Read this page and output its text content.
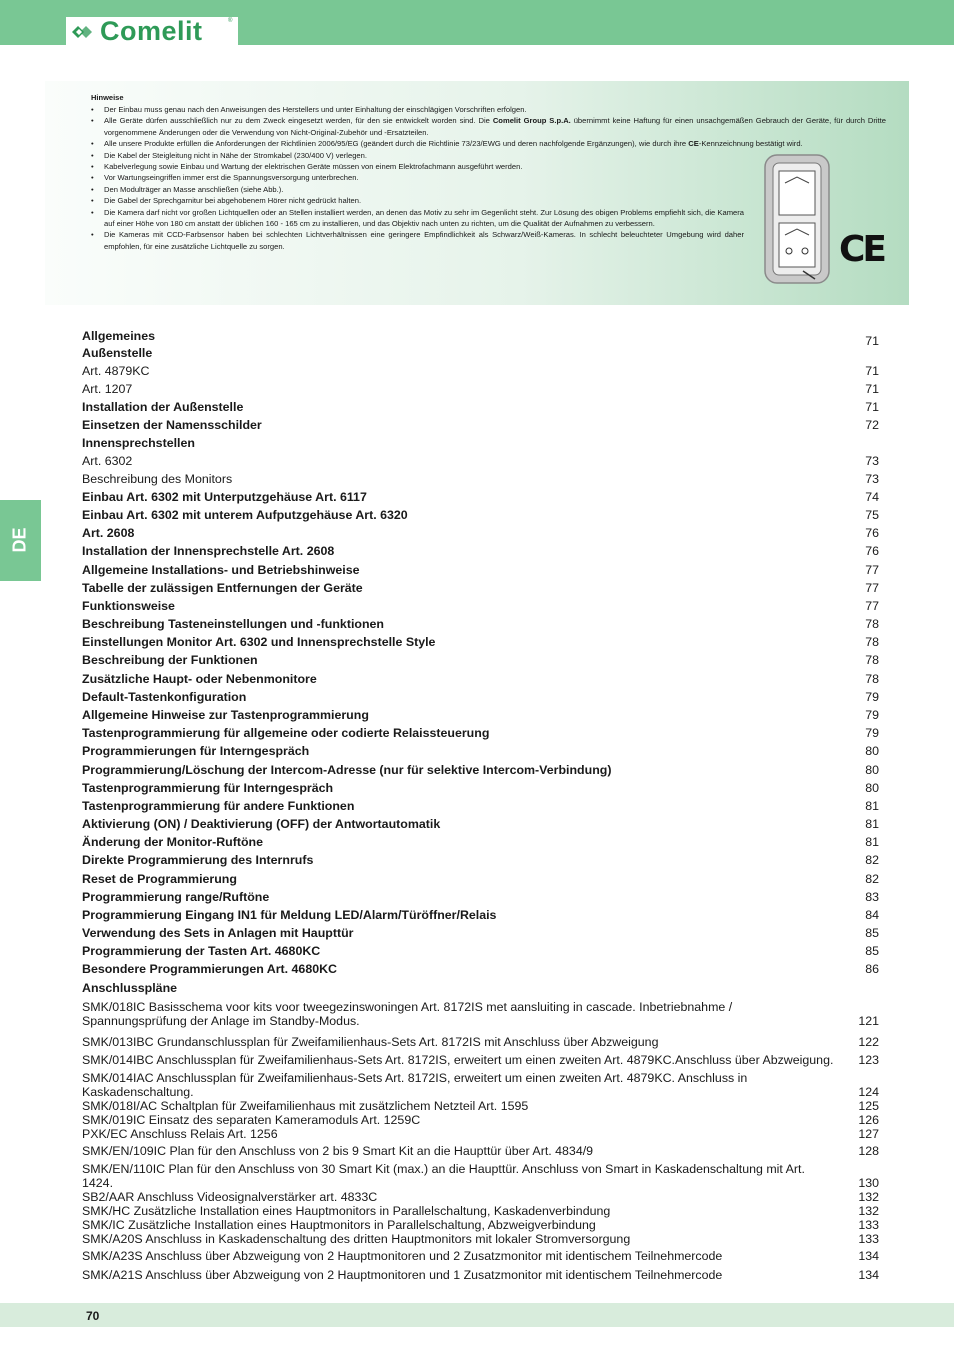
Comelit	®
Hinweise
• Der Einbau muss genau nach den Anweisungen des Herstellers und unter Einhaltung der einschlägigen Vorschriften erfolgen.
• Alle Geräte dürfen ausschließlich nur zu dem Zweck eingesetzt werden, für den sie entwickelt worden sind. Die Comelit Group S.p.A. übernimmt keine Haftung für einen unsachgemäßen Gebrauch der Geräte, für durch Dritte vorgenommene Änderungen oder die Verwendung von Nicht-Original-Zubehör und -Ersatzteilen.
• Alle unsere Produkte erfüllen die Anforderungen der Richtlinien 2006/95/EG (geändert durch die Richtlinie 73/23/EWG und deren nachfolgende Ergänzungen), wie durch ihre CE-Kennzeichnung bestätigt wird.
• Die Kabel der Steigleitung nicht in Nähe der Stromkabel (230/400 V) verlegen.
• Kabelverlegung sowie Einbau und Wartung der elektrischen Geräte müssen von einem Elektrofachmann ausgeführt werden.
• Vor Wartungseingriffen immer erst die Spannungsversorgung unterbrechen.
• Den Modulträger an Masse anschließen (siehe Abb.).
• Die Gabel der Sprechgarnitur bei abgehobenem Hörer nicht gedrückt halten.
• Die Kamera darf nicht vor großen Lichtquellen oder an Stellen installiert werden, an denen das Motiv zu sehr im Gegenlicht steht. Zur Lösung des obigen Problems empfiehlt sich, die Kamera auf einer Höhe von 180 cm anstatt der üblichen 160 - 165 cm zu installieren, und das Objektiv nach unten zu richten, um die Qualität der Aufnahmen zu verbessern.
• Die Kameras mit CCD-Farbsensor haben bei schlechten Lichtverhältnissen eine geringere Empfindlichkeit als Schwarz/Weiß-Kameras. In schlecht beleuchteter Umgebung wird daher empfohlen, für eine zusätzliche Lichtquelle zu sorgen.	CE
DE
Allgemeines	71
Außenstelle
Art. 4879KC	71
Art. 1207	71
Installation der Außenstelle	71
Einsetzen der Namensschilder	72
Innensprechstellen
Art. 6302	73
Beschreibung des Monitors	73
Einbau Art. 6302 mit Unterputzgehäuse Art. 6117	74
Einbau Art. 6302 mit unterem Aufputzgehäuse Art. 6320	75
Art. 2608	76
Installation der Innensprechstelle Art. 2608	76
Allgemeine Installations- und Betriebshinweise	77
Tabelle der zulässigen Entfernungen der Geräte	77
Funktionsweise	77
Beschreibung Tasteneinstellungen und -funktionen	78
Einstellungen Monitor Art. 6302 und Innensprechstelle Style	78
Beschreibung der Funktionen	78
Zusätzliche Haupt- oder Nebenmonitore	78
Default-Tastenkonfiguration	79
Allgemeine Hinweise zur Tastenprogrammierung	79
Tastenprogrammierung für allgemeine oder codierte Relaissteuerung	79
Programmierungen für Interngespräch	80
Programmierung/Löschung der Intercom-Adresse (nur für selektive Intercom-Verbindung)	80
Tastenprogrammierung für Interngespräch	80
Tastenprogrammierung für andere Funktionen	81
Aktivierung (ON) / Deaktivierung (OFF) der Antwortautomatik	81
Änderung der Monitor-Ruftöne	81
Direkte Programmierung des Internrufs	82
Reset de Programmierung	82
Programmierung range/Ruftöne	83
Programmierung Eingang IN1 für Meldung LED/Alarm/Türöffner/Relais	84
Verwendung des Sets in Anlagen mit Haupttür	85
Programmierung der Tasten Art. 4680KC	85
Besondere Programmierungen Art. 4680KC	86
Anschlusspläne
SMK/018IC Basisschema voor kits voor tweegezinswoningen Art. 8172IS met aansluiting in cascade. Inbetriebnahme / Spannungsprüfung der Anlage im Standby-Modus.	121
SMK/013IBC Grundanschlussplan für Zweifamilienhaus-Sets Art. 8172IS mit Anschluss über Abzweigung	122
SMK/014IBC Anschlussplan für Zweifamilienhaus-Sets Art. 8172IS, erweitert um einen zweiten Art. 4879KC.Anschluss über Abzweigung.	123
SMK/014IAC Anschlussplan für Zweifamilienhaus-Sets Art. 8172IS, erweitert um einen zweiten Art. 4879KC. Anschluss in Kaskadenschaltung.	124
SMK/018I/AC Schaltplan für Zweifamilienhaus mit zusätzlichem Netzteil Art. 1595	125
SMK/019IC Einsatz des separaten Kameramoduls Art. 1259C	126
PXK/EC Anschluss Relais Art. 1256	127
SMK/EN/109IC Plan für den Anschluss von 2 bis 9 Smart Kit an die Haupttür über Art. 4834/9	128
SMK/EN/110IC Plan für den Anschluss von 30 Smart Kit (max.) an die Haupttür. Anschluss von Smart in Kaskadenschaltung mit Art. 1424.	130
SB2/AAR Anschluss Videosignalverstärker art. 4833C	132
SMK/HC Zusätzliche Installation eines Hauptmonitors in Parallelschaltung, Kaskadenverbindung	132
SMK/IC Zusätzliche Installation eines Hauptmonitors in Parallelschaltung, Abzweigverbindung	133
SMK/A20S Anschluss in Kaskadenschaltung des dritten Hauptmonitors mit lokaler Stromversorgung	133
SMK/A23S Anschluss über Abzweigung von 2 Hauptmonitoren und 2 Zusatzmonitor mit identischem Teilnehmercode	134
SMK/A21S Anschluss über Abzweigung von 2 Hauptmonitoren und 1 Zusatzmonitor mit identischem Teilnehmercode	134
70
